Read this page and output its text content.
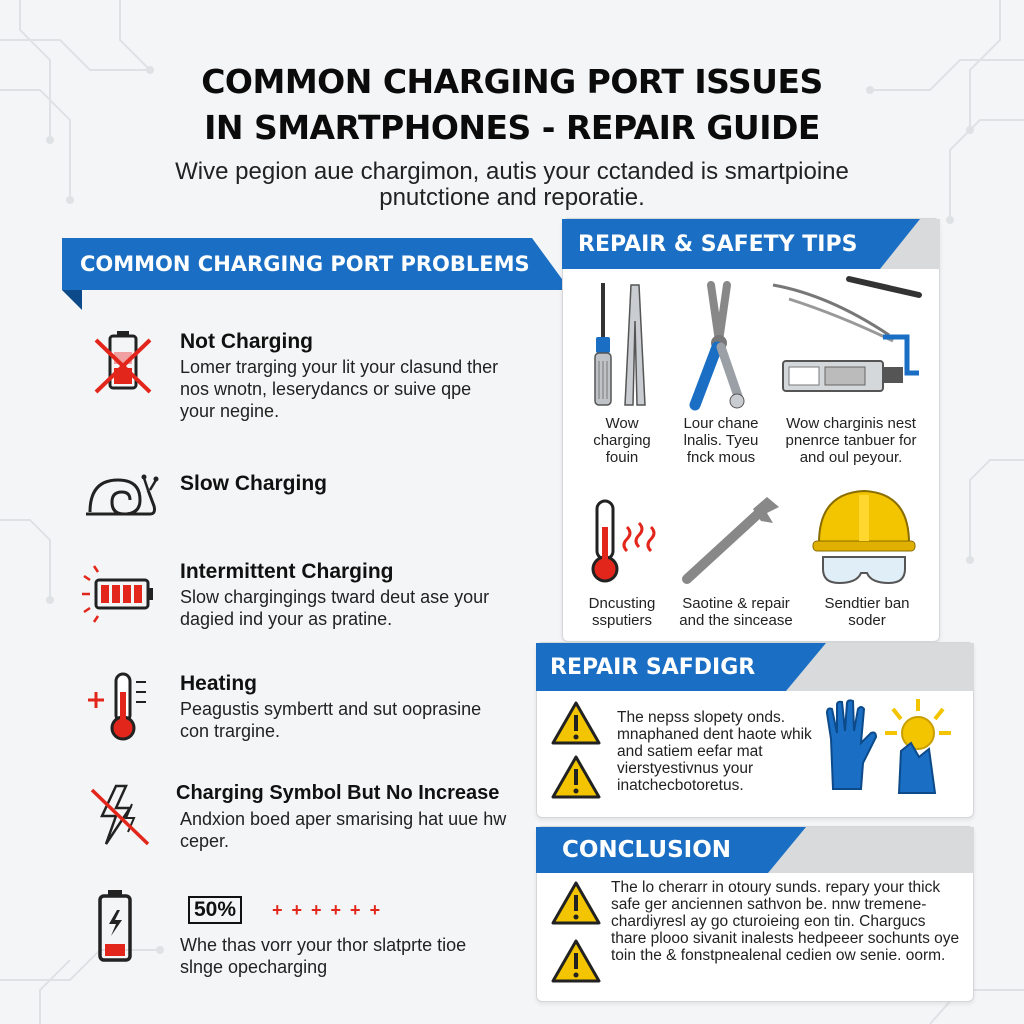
COMMON CHARGING PORT ISSUES
IN SMARTPHONES - REPAIR GUIDE

Wive pegion aue chargimon, autis your cctanded is smartpioine

pnutctione and reporatie.

COMMON CHARGING PORT PROBLEMS
Not Charging
Lomer trarging your lit your clasund ther nos wnotn, leserydancs or suive qpe your negine.
Slow Charging
Intermittent Charging
Slow chargingings tward deut ase your dagied ind your as pratine.
Heating
Peagustis symbertt and sut ooprasine con trargine.
Charging Symbol But No Increase
Andxion boed aper smarising hat uue hw ceper.
50%	+ + + + + +
Whe thas vorr your thor slatprte tioe slnge opecharging
REPAIR & SAFETY TIPS
Wow charging fouin
Lour chane lnalis. Tyeu fnck mous
Wow charginis nest pnenrce tanbuer for and oul peyour.
Dncusting ssputiers
Saotine & repair and the sincease
Sendtier ban soder
REPAIR SAFDIGR
The nepss slopety onds. mnaphaned dent haote whik and satiem eefar mat vierstyestivnus your inatchecbotoretus.
CONCLUSION
The lo cherarr in otoury sunds. repary your thick safe ger anciennen sathvon be. nnw tremene- chardiyresl ay go cturoieing eon tin. Chargucs thare plooo sivanit inalests hedpeeer sochunts oye toin the & fonstpnealenal cedien ow senie. oorm.
